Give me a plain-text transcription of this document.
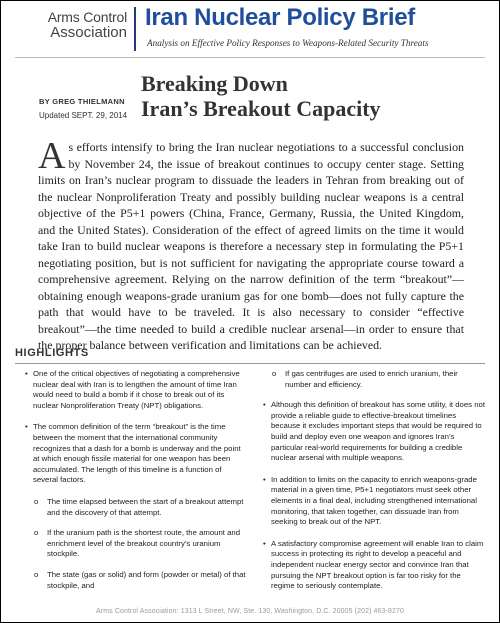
Arms Control
Association
Iran Nuclear Policy Brief

Analysis on Effective Policy Responses to Weapons-Related Security Threats

BY GREG THIELMANN
Updated SEPT. 29, 2014
Breaking Down
Iran’s Breakout Capacity

As efforts intensify to bring the Iran nuclear negotiations to a successful conclusion by November 24, the issue of breakout continues to occupy center stage. Setting limits on Iran’s nuclear program to dissuade the leaders in Tehran from breaking out of the nuclear Nonproliferation Treaty and possibly building nuclear weapons is a central objective of the P5+1 powers (China, France, Germany, Russia, the United Kingdom, and the United States). Consideration of the effect of agreed limits on the time it would take Iran to build nuclear weapons is therefore a necessary step in formulating the P5+1 negotiating position, but is not sufficient for navigating the appropriate course toward a comprehensive agreement. Relying on the narrow definition of the term “breakout”—obtaining enough weapons-grade uranium gas for one bomb—does not fully capture the path that would have to be traveled. It is also necessary to consider “effective breakout”—the time needed to build a credible nuclear arsenal—in order to ensure that the proper balance between verification and limitations can be achieved.

HIGHLIGHTS
• One of the critical objectives of negotiating a comprehensive nuclear deal with Iran is to lengthen the amount of time Iran would need to build a bomb if it chose to break out of its nuclear Nonproliferation Treaty (NPT) obligations.
• The common definition of the term “breakout” is the time between the moment that the international community recognizes that a dash for a bomb is underway and the point at which enough fissile material for one weapon has been accumulated. The length of this timeline is a function of several factors.
o	The time elapsed between the start of a breakout attempt and the discovery of that attempt.
o	If the uranium path is the shortest route, the amount and enrichment level of the breakout country’s uranium stockpile.
o	The state (gas or solid) and form (powder or metal) of that stockpile, and
o	If gas centrifuges are used to enrich uranium, their number and efficiency.
• Although this definition of breakout has some utility, it does not provide a reliable guide to effective-breakout timelines because it excludes important steps that would be required to build and deploy even one weapon and ignores Iran’s particular real-world requirements for building a credible nuclear arsenal with multiple weapons.
• In addition to limits on the capacity to enrich weapons-grade material in a given time, P5+1 negotiators must seek other elements in a final deal, including strengthened international monitoring, that taken together, can dissuade Iran from seeking to break out of the NPT.
• A satisfactory compromise agreement will enable Iran to claim success in protecting its right to develop a peaceful and independent nuclear energy sector and convince Iran that pursuing the NPT breakout option is far too risky for the regime to seriously contemplate.
Arms Control Association: 1313 L Street, NW, Ste. 130, Washington, D.C. 20005 (202) 463-8270
